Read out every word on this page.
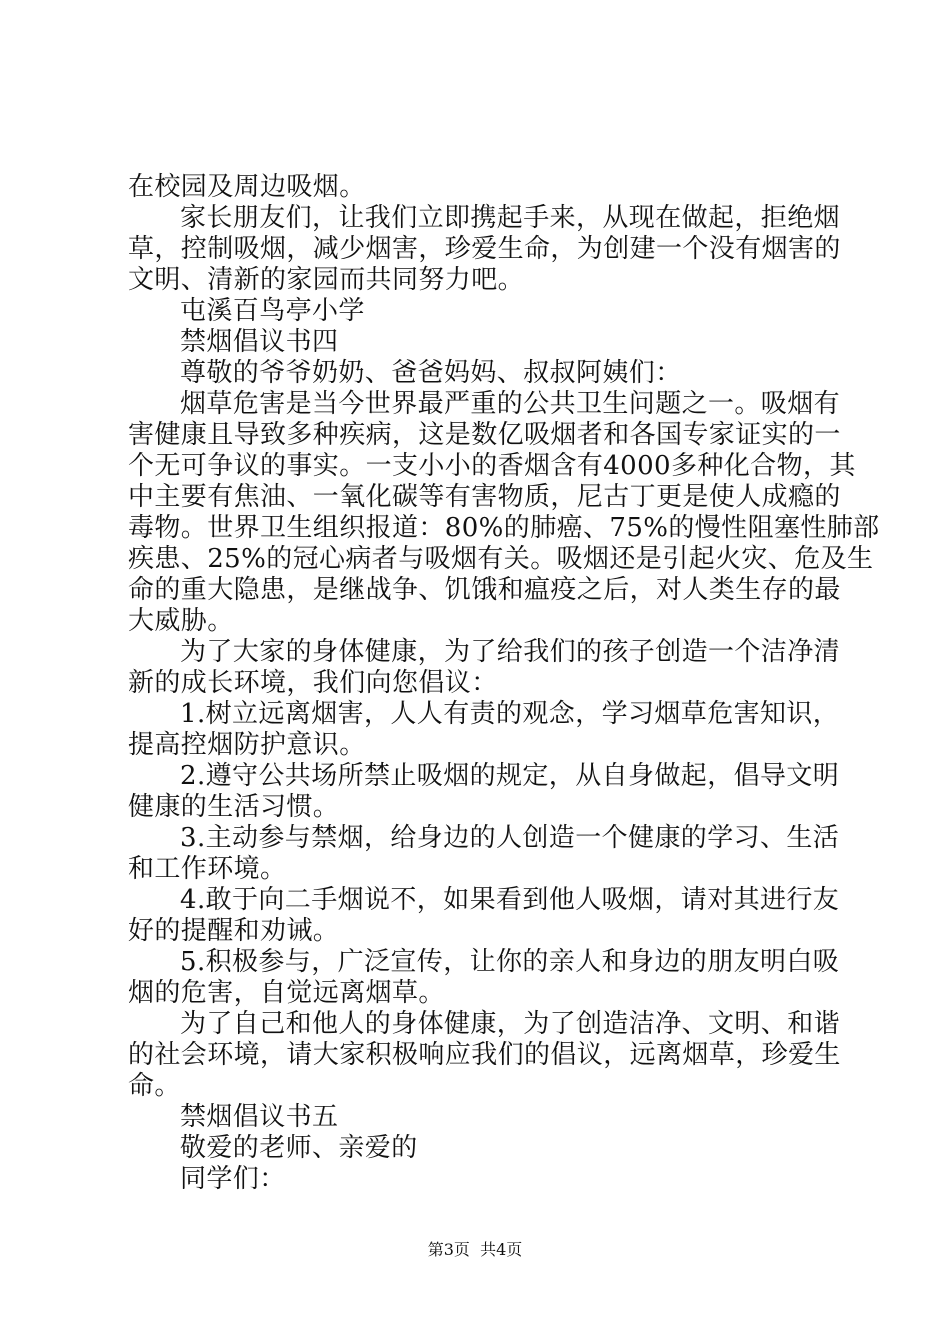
在校园及周边吸烟。
家长朋友们，让我们立即携起手来，从现在做起，拒绝烟
草，控制吸烟，减少烟害，珍爱生命，为创建一个没有烟害的
文明、清新的家园而共同努力吧。
屯溪百鸟亭小学
禁烟倡议书四
尊敬的爷爷奶奶、爸爸妈妈、叔叔阿姨们：
烟草危害是当今世界最严重的公共卫生问题之一。吸烟有
害健康且导致多种疾病，这是数亿吸烟者和各国专家证实的一
个无可争议的事实。一支小小的香烟含有4000多种化合物，其
中主要有焦油、一氧化碳等有害物质，尼古丁更是使人成瘾的
毒物。世界卫生组织报道：80%的肺癌、75%的慢性阻塞性肺部
疾患、25%的冠心病者与吸烟有关。吸烟还是引起火灾、危及生
命的重大隐患，是继战争、饥饿和瘟疫之后，对人类生存的最
大威胁。
为了大家的身体健康，为了给我们的孩子创造一个洁净清
新的成长环境，我们向您倡议：
1.树立远离烟害，人人有责的观念，学习烟草危害知识，
提高控烟防护意识。
2.遵守公共场所禁止吸烟的规定，从自身做起，倡导文明
健康的生活习惯。
3.主动参与禁烟，给身边的人创造一个健康的学习、生活
和工作环境。
4.敢于向二手烟说不，如果看到他人吸烟，请对其进行友
好的提醒和劝诫。
5.积极参与，广泛宣传，让你的亲人和身边的朋友明白吸
烟的危害，自觉远离烟草。
为了自己和他人的身体健康，为了创造洁净、文明、和谐
的社会环境，请大家积极响应我们的倡议，远离烟草，珍爱生
命。
禁烟倡议书五
敬爱的老师、亲爱的
同学们：
第3页  共4页
